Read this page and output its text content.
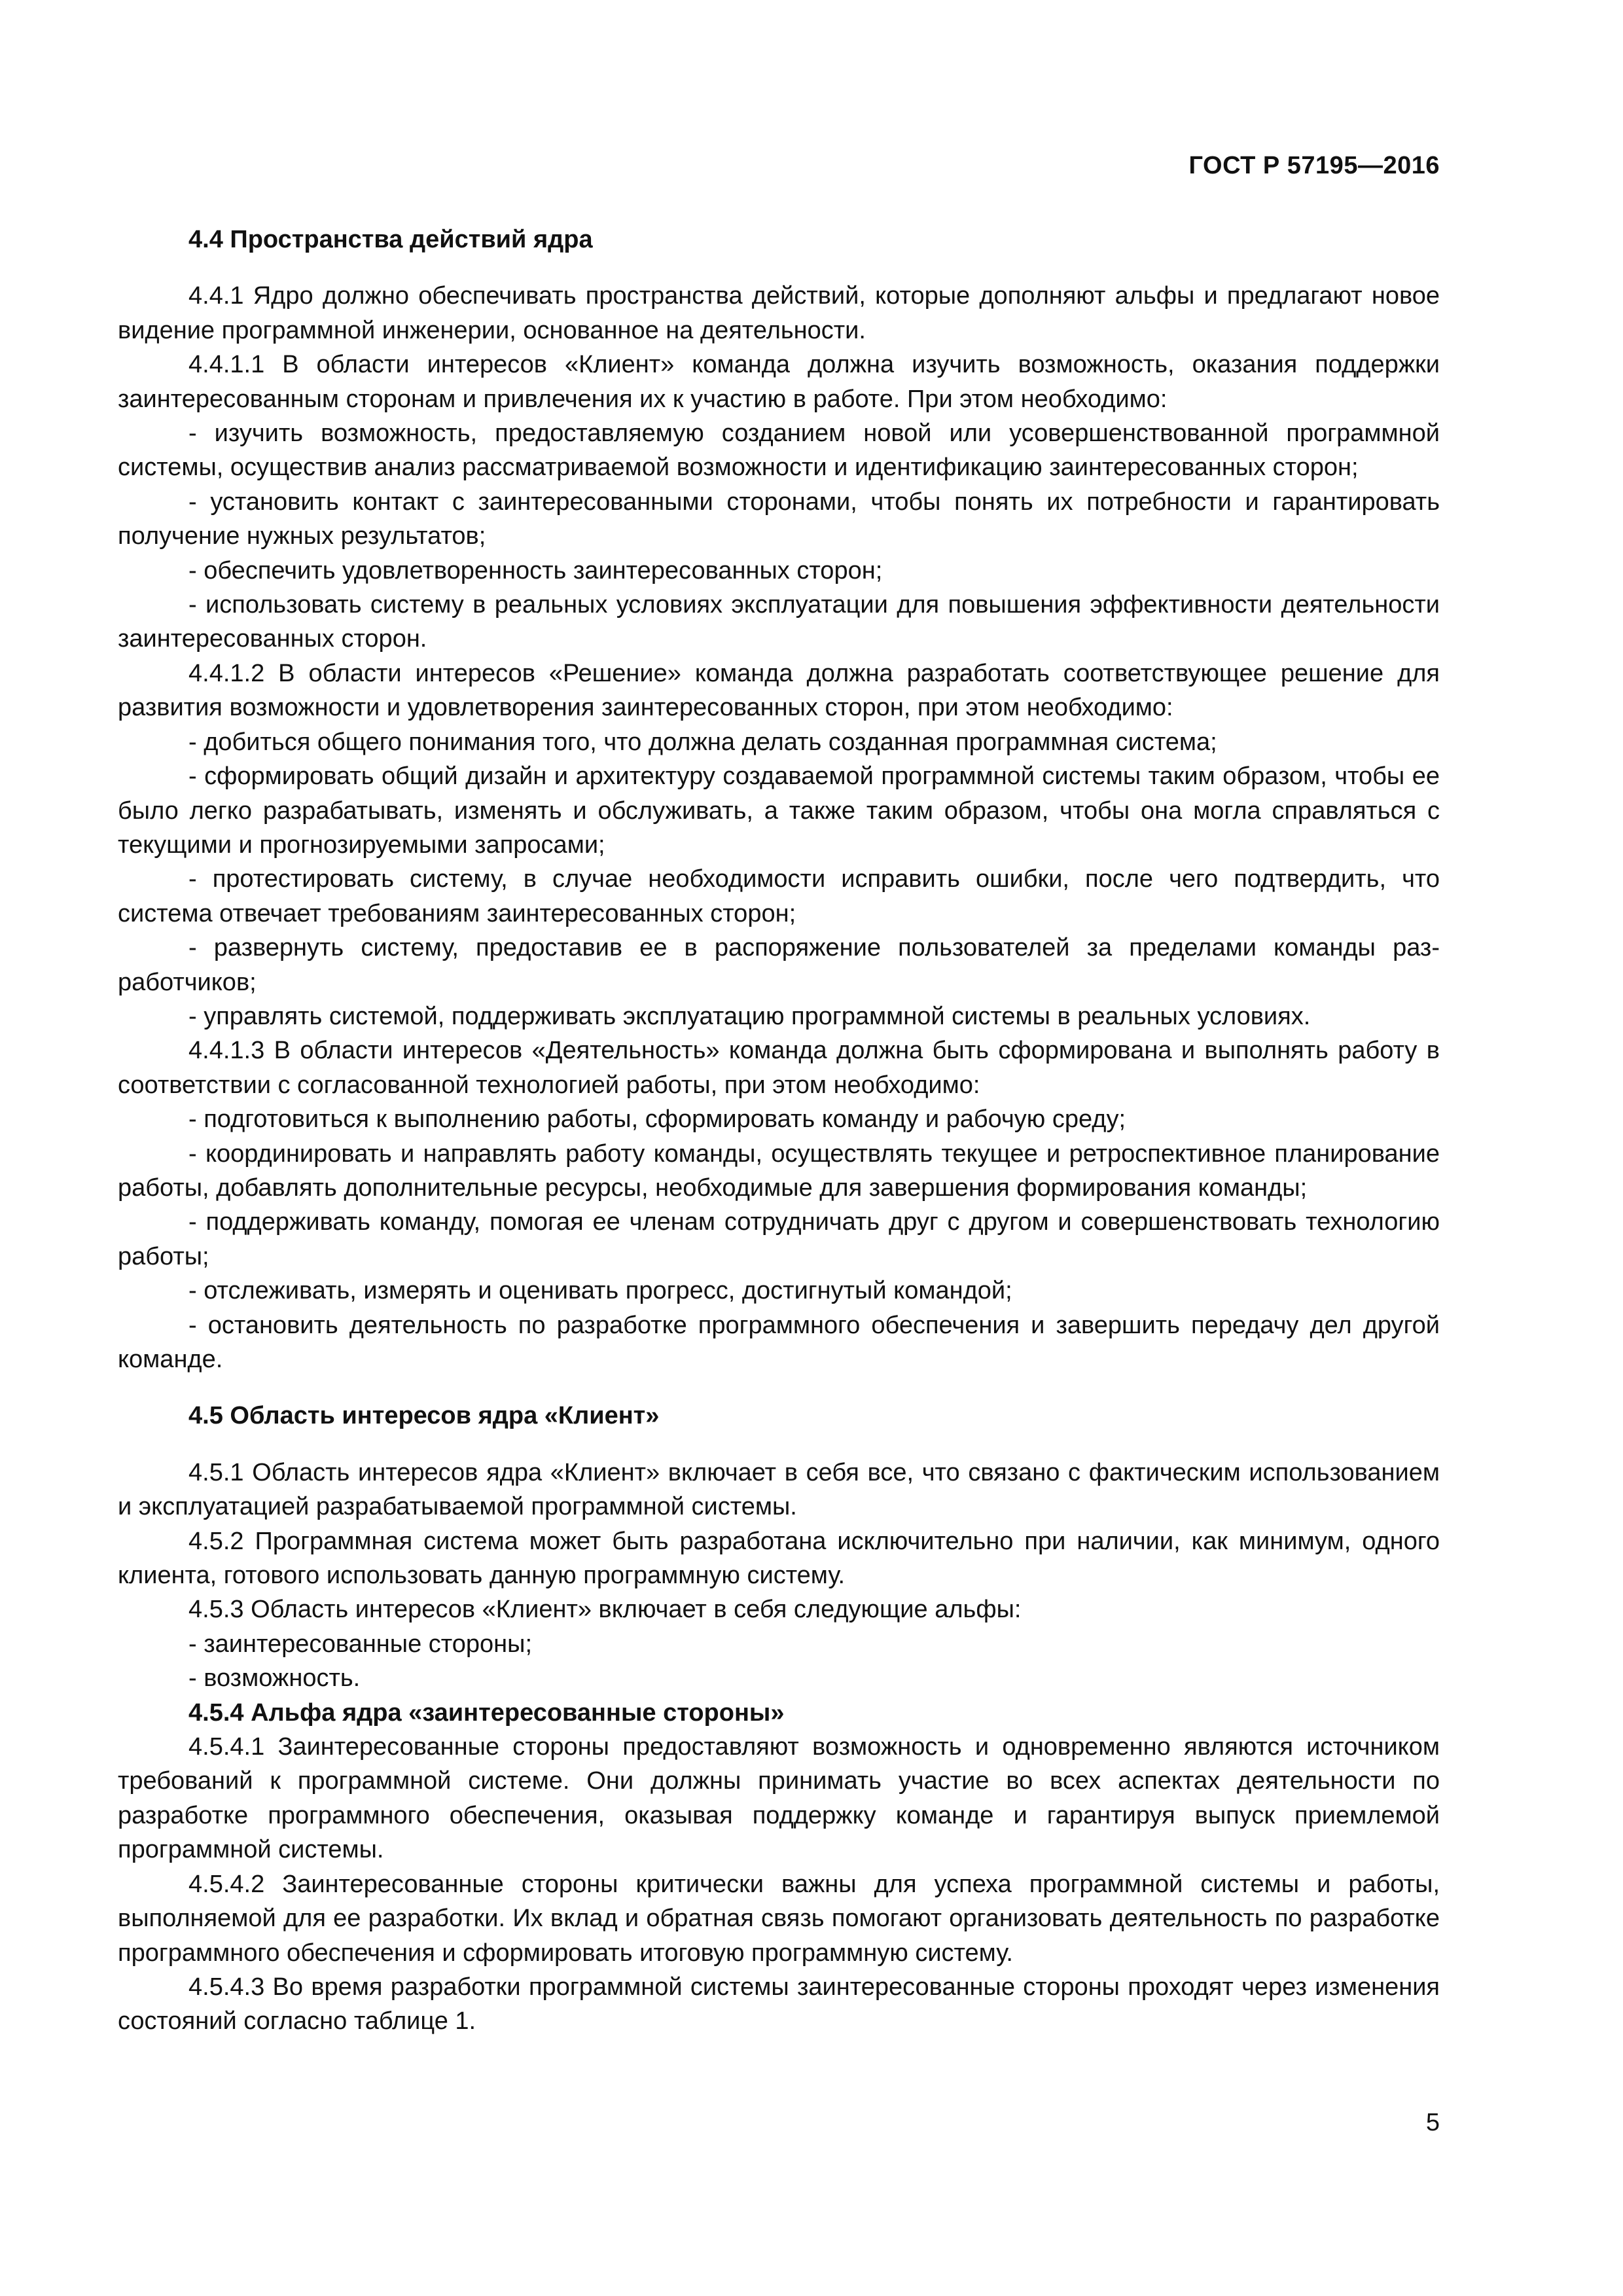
ГОСТ Р 57195—2016

4.4 Пространства действий ядра

4.4.1 Ядро должно обеспечивать пространства действий, которые дополняют альфы и предлагают новое видение программной инженерии, основанное на деятельности.

4.4.1.1 В области интересов «Клиент» команда должна изучить возможность, оказания поддержки заинтересованным сторонам и привлечения их к участию в работе. При этом необходимо:

- изучить возможность, предоставляемую созданием новой или усовершенствованной программной системы, осуществив анализ рассматриваемой возможности и идентификацию заинтересованных сторон;

- установить контакт с заинтересованными сторонами, чтобы понять их потребности и гарантировать получение нужных результатов;

- обеспечить удовлетворенность заинтересованных сторон;

- использовать систему в реальных условиях эксплуатации для повышения эффективности деятельности заинтересованных сторон.

4.4.1.2 В области интересов «Решение» команда должна разработать соответствующее решение для развития возможности и удовлетворения заинтересованных сторон, при этом необходимо:

- добиться общего понимания того, что должна делать созданная программная система;

- сформировать общий дизайн и архитектуру создаваемой программной системы таким образом, чтобы ее было легко разрабатывать, изменять и обслуживать, а также таким образом, чтобы она могла справляться с текущими и прогнозируемыми запросами;

- протестировать систему, в случае необходимости исправить ошибки, после чего подтвердить, что система отвечает требованиям заинтересованных сторон;

- развернуть систему, предоставив ее в распоряжение пользователей за пределами команды разработчиков;

- управлять системой, поддерживать эксплуатацию программной системы в реальных условиях.

4.4.1.3 В области интересов «Деятельность» команда должна быть сформирована и выполнять работу в соответствии с согласованной технологией работы, при этом необходимо:

- подготовиться к выполнению работы, сформировать команду и рабочую среду;

- координировать и направлять работу команды, осуществлять текущее и ретроспективное планирование работы, добавлять дополнительные ресурсы, необходимые для завершения формирования команды;

- поддерживать команду, помогая ее членам сотрудничать друг с другом и совершенствовать технологию работы;

- отслеживать, измерять и оценивать прогресс, достигнутый командой;

- остановить деятельность по разработке программного обеспечения и завершить передачу дел другой команде.

4.5 Область интересов ядра «Клиент»

4.5.1 Область интересов ядра «Клиент» включает в себя все, что связано с фактическим использованием и эксплуатацией разрабатываемой программной системы.

4.5.2 Программная система может быть разработана исключительно при наличии, как минимум, одного клиента, готового использовать данную программную систему.

4.5.3 Область интересов «Клиент» включает в себя следующие альфы:

- заинтересованные стороны;

- возможность.

4.5.4 Альфа ядра «заинтересованные стороны»

4.5.4.1 Заинтересованные стороны предоставляют возможность и одновременно являются источником требований к программной системе. Они должны принимать участие во всех аспектах деятельности по разработке программного обеспечения, оказывая поддержку команде и гарантируя выпуск приемлемой программной системы.

4.5.4.2 Заинтересованные стороны критически важны для успеха программной системы и работы, выполняемой для ее разработки. Их вклад и обратная связь помогают организовать деятельность по разработке программного обеспечения и сформировать итоговую программную систему.

4.5.4.3 Во время разработки программной системы заинтересованные стороны проходят через изменения состояний согласно таблице 1.

5
